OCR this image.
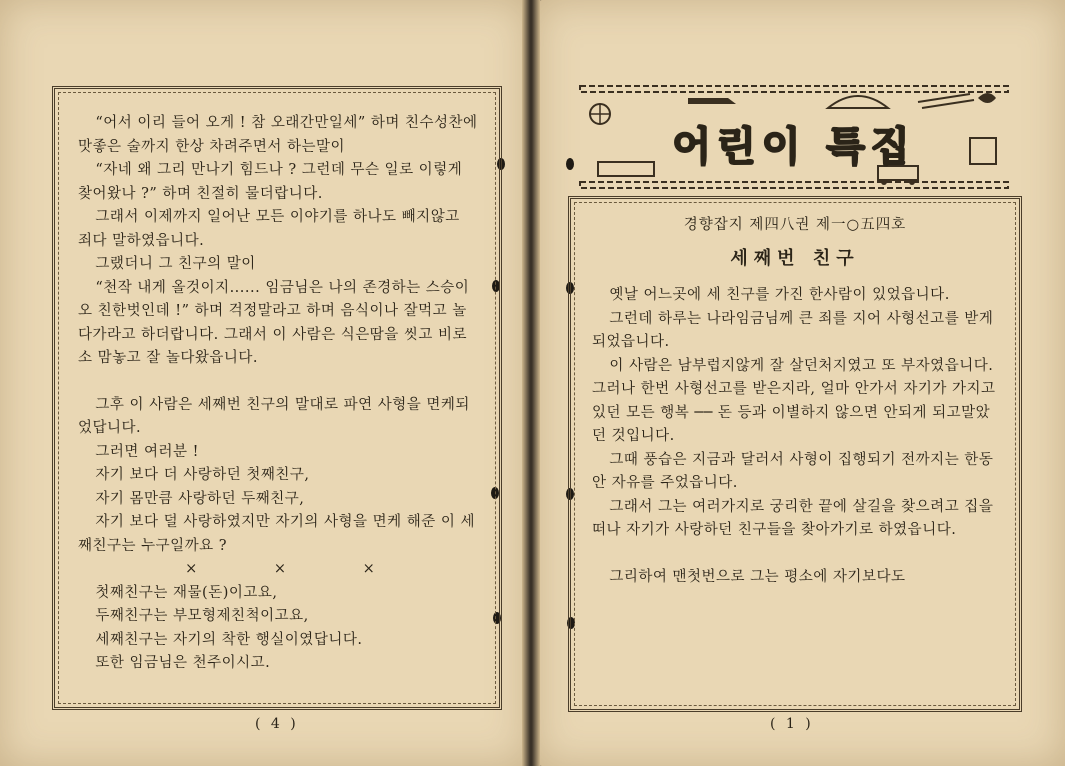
“어서 이리 들어 오게 ! 참 오래간만일세” 하며 친수성찬에 맛좋은 술까지 한상 차려주면서 하는말이

“자네 왜 그리 만나기 힘드나 ? 그런데 무슨 일로 이렇게 찾어왔나 ?” 하며 친절히 물더랍니다.

그래서 이제까지 일어난 모든 이야기를 하나도 빼지않고 죄다 말하였읍니다.

그랬더니 그 친구의 말이

“천작 내게 올것이지...... 임금님은 나의 존경하는 스승이오 친한벗인데 !” 하며 걱정말라고 하며 음식이나 잘먹고 놀다가라고 하더랍니다. 그래서 이 사람은 식은땀을 씻고 비로소 맘놓고 잘 놀다왔읍니다.

그후 이 사람은 세째번 친구의 말대로 파연 사형을 면케되었답니다.

그러면 여러분 !

자기 보다 더 사랑하던 첫째친구,

자기 몸만큼 사랑하던 두째친구,

자기 보다 덜 사랑하였지만 자기의 사형을 면케 해준 이 세째친구는 누구일까요 ?

× × ×

첫째친구는 재물(돈)이고요,

두째친구는 부모형제친척이고요,

세째친구는 자기의 착한 행실이였답니다.

또한 임금님은 천주이시고.

( 4 )
어린이 특집
경향잡지 제四八권 제一○五四호
세째번 친구

옛날 어느곳에 세 친구를 가진 한사람이 있었읍니다.

그런데 하루는 나라임금님께 큰 죄를 지어 사형선고를 받게되었읍니다.

이 사람은 남부럽지않게 잘 살던처지였고 또 부자였읍니다. 그러나 한번 사형선고를 받은지라, 얼마 안가서 자기가 가지고 있던 모든 행복 ── 돈 등과 이별하지 않으면 안되게 되고말았던 것입니다.

그때 풍습은 지금과 달러서 사형이 집행되기 전까지는 한동안 자유를 주었읍니다.

그래서 그는 여러가지로 궁리한 끝에 살길을 찾으려고 집을 떠나 자기가 사랑하던 친구들을 찾아가기로 하였읍니다.

그리하여 맨첫번으로 그는 평소에 자기보다도

( 1 )
